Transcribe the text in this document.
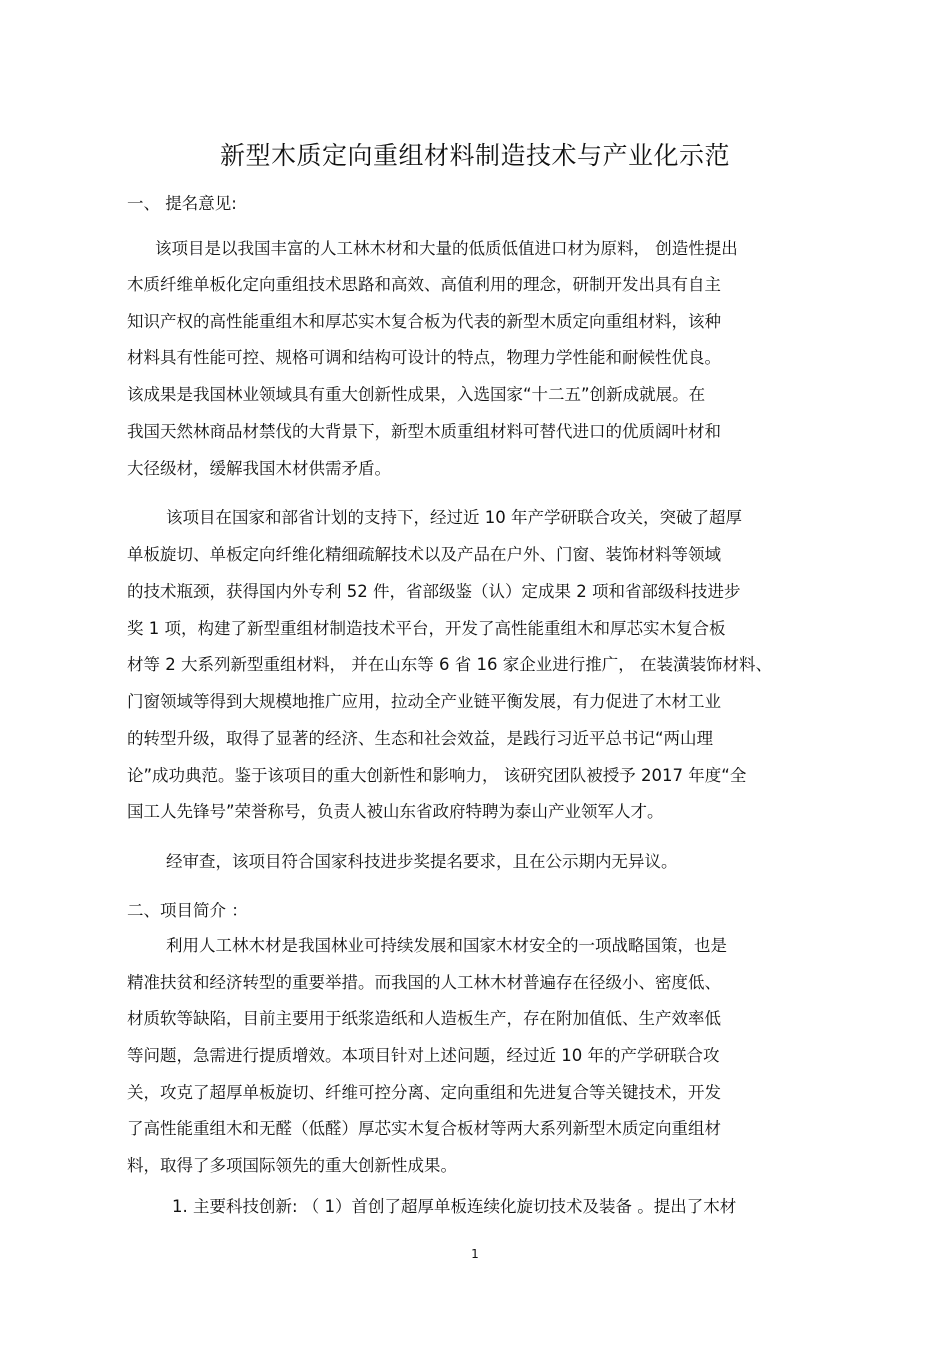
新型木质定向重组材料制造技术与产业化示范
一、 提名意见:
该项目是以我国丰富的人工林木材和大量的低质低值进口材为原料， 创造性提出
木质纤维单板化定向重组技术思路和高效、高值利用的理念，研制开发出具有自主
知识产权的高性能重组木和厚芯实木复合板为代表的新型木质定向重组材料，该种
材料具有性能可控、规格可调和结构可设计的特点，物理力学性能和耐候性优良。
该成果是我国林业领域具有重大创新性成果，入选国家“十二五”创新成就展。在
我国天然林商品材禁伐的大背景下，新型木质重组材料可替代进口的优质阔叶材和
大径级材，缓解我国木材供需矛盾。
该项目在国家和部省计划的支持下，经过近 10 年产学研联合攻关，突破了超厚
单板旋切、单板定向纤维化精细疏解技术以及产品在户外、门窗、装饰材料等领域
的技术瓶颈，获得国内外专利 52 件，省部级鉴（认）定成果 2 项和省部级科技进步
奖 1 项，构建了新型重组材制造技术平台，开发了高性能重组木和厚芯实木复合板
材等 2 大系列新型重组材料， 并在山东等 6 省 16 家企业进行推广， 在装潢装饰材料、
门窗领域等得到大规模地推广应用，拉动全产业链平衡发展，有力促进了木材工业
的转型升级，取得了显著的经济、生态和社会效益，是践行习近平总书记“两山理
论”成功典范。鉴于该项目的重大创新性和影响力， 该研究团队被授予 2017 年度“全
国工人先锋号”荣誉称号，负责人被山东省政府特聘为泰山产业领军人才。
经审查，该项目符合国家科技进步奖提名要求，且在公示期内无异议。
二、项目简介 ：
利用人工林木材是我国林业可持续发展和国家木材安全的一项战略国策，也是
精准扶贫和经济转型的重要举措。而我国的人工林木材普遍存在径级小、密度低、
材质软等缺陷，目前主要用于纸浆造纸和人造板生产，存在附加值低、生产效率低
等问题，急需进行提质增效。本项目针对上述问题，经过近 10 年的产学研联合攻
关，攻克了超厚单板旋切、纤维可控分离、定向重组和先进复合等关键技术，开发
了高性能重组木和无醛（低醛）厚芯实木复合板材等两大系列新型木质定向重组材
料，取得了多项国际领先的重大创新性成果。
1. 主要科技创新: （ 1）首创了超厚单板连续化旋切技术及装备 。提出了木材
1
